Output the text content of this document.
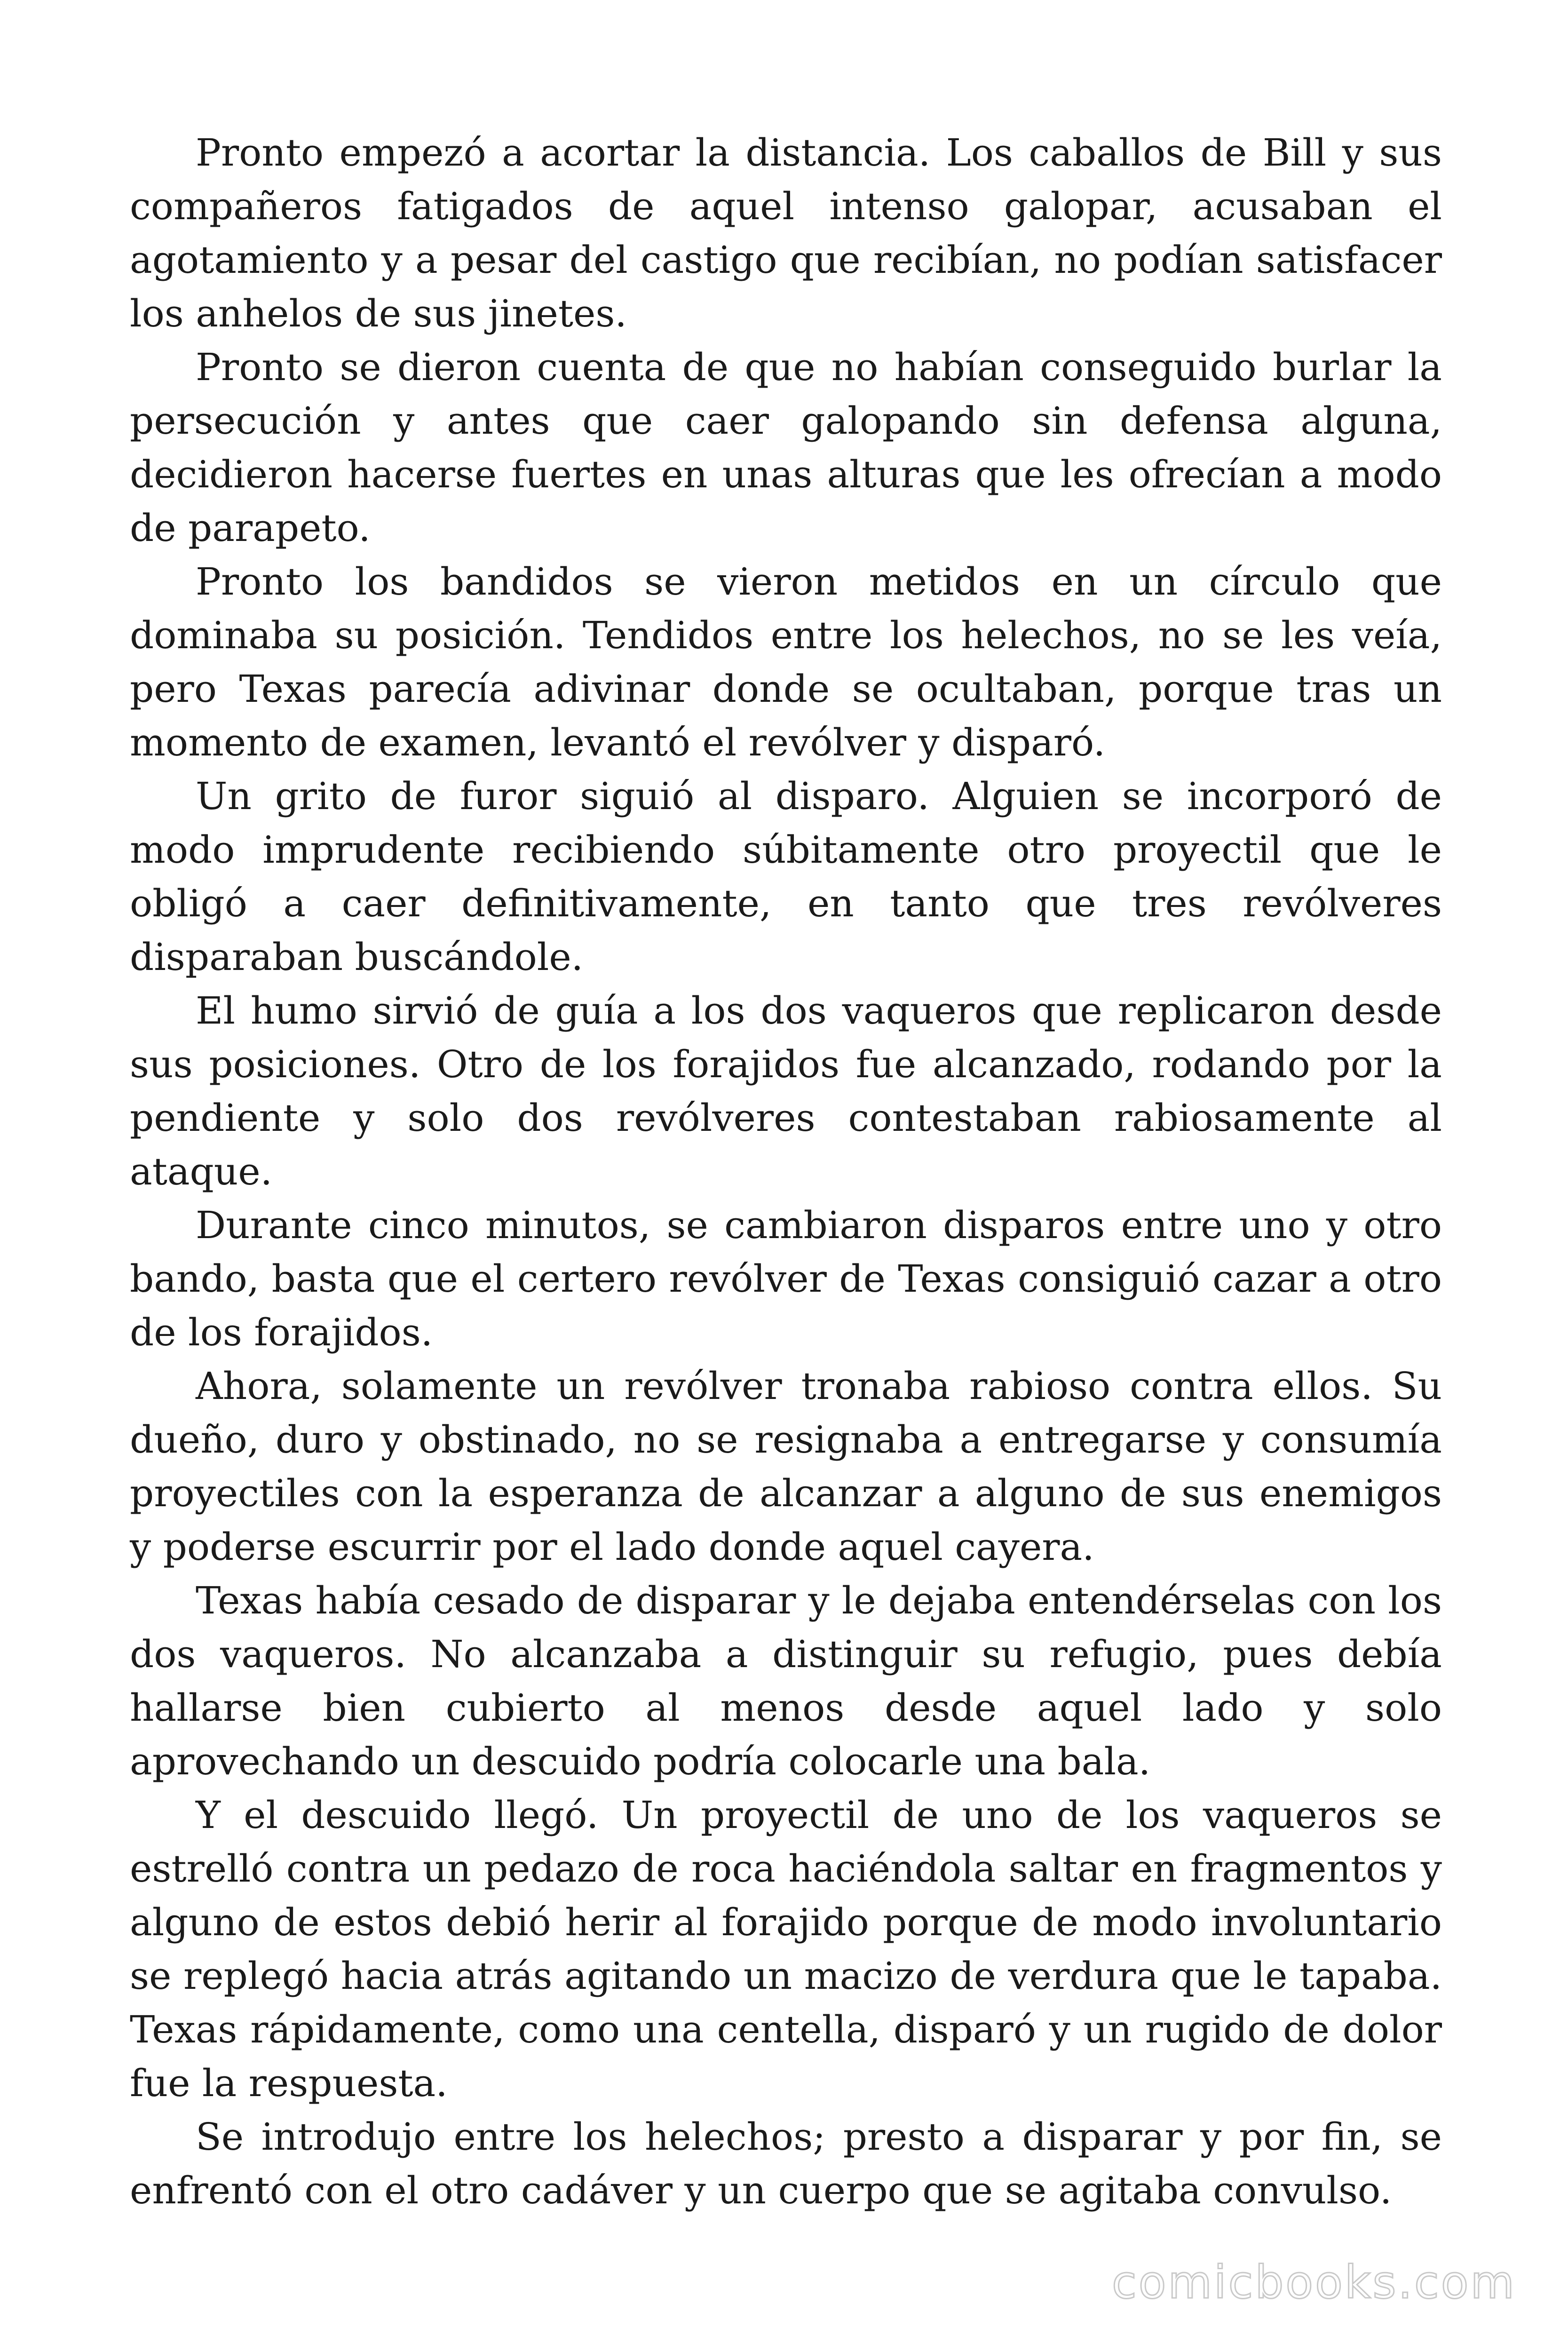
Pronto empezó a acortar la distancia. Los caballos de Bill y sus compañeros fatigados de aquel intenso galopar, acusaban el agotamiento y a pesar del castigo que recibían, no podían satisfacer los anhelos de sus jinetes.

Pronto se dieron cuenta de que no habían conseguido burlar la persecución y antes que caer galopando sin defensa alguna, decidieron hacerse fuertes en unas alturas que les ofrecían a modo de parapeto.

Pronto los bandidos se vieron metidos en un círculo que dominaba su posición. Tendidos entre los helechos, no se les veía, pero Texas parecía adivinar donde se ocultaban, porque tras un momento de examen, levantó el revólver y disparó.

Un grito de furor siguió al disparo. Alguien se incorporó de modo imprudente recibiendo súbitamente otro proyectil que le obligó a caer definitivamente, en tanto que tres revólveres disparaban buscándole.

El humo sirvió de guía a los dos vaqueros que replicaron desde sus posiciones. Otro de los forajidos fue alcanzado, rodando por la pendiente y solo dos revólveres contestaban rabiosamente al ataque.

Durante cinco minutos, se cambiaron disparos entre uno y otro bando, basta que el certero revólver de Texas consiguió cazar a otro de los forajidos.

Ahora, solamente un revólver tronaba rabioso contra ellos. Su dueño, duro y obstinado, no se resignaba a entregarse y consumía proyectiles con la esperanza de alcanzar a alguno de sus enemigos y poderse escurrir por el lado donde aquel cayera.

Texas había cesado de disparar y le dejaba entendérselas con los dos vaqueros. No alcanzaba a distinguir su refugio, pues debía hallarse bien cubierto al menos desde aquel lado y solo aprovechando un descuido podría colocarle una bala.

Y el descuido llegó. Un proyectil de uno de los vaqueros se estrelló contra un pedazo de roca haciéndola saltar en fragmentos y alguno de estos debió herir al forajido porque de modo involuntario se replegó hacia atrás agitando un macizo de verdura que le tapaba. Texas rápidamente, como una centella, disparó y un rugido de dolor fue la respuesta.

Se introdujo entre los helechos; presto a disparar y por fin, se enfrentó con el otro cadáver y un cuerpo que se agitaba convulso.

comicbooks.com
